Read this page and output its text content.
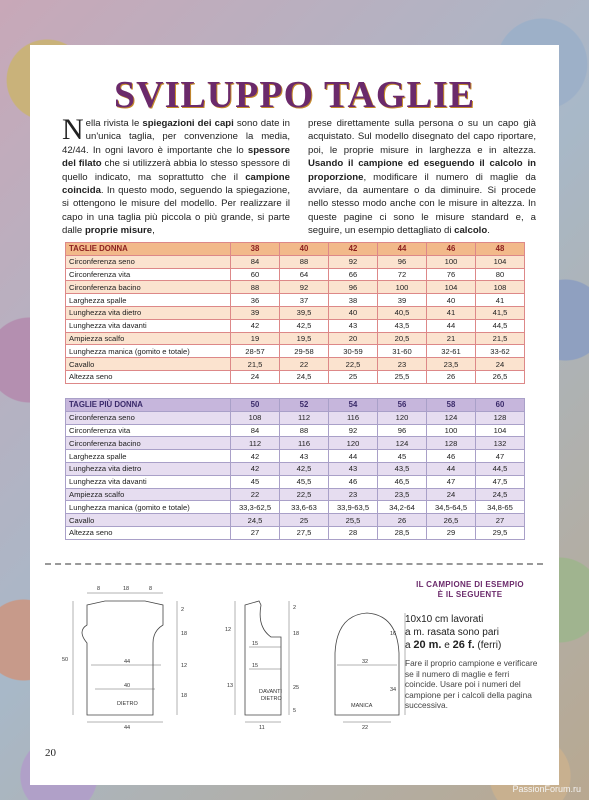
SVILUPPO TAGLIE

Nella rivista le spiegazioni dei capi sono date in un'unica taglia, per convenzione la media, 42/44. In ogni lavoro è importante che lo spessore del filato che si utilizzerà abbia lo stesso spessore di quello indicato, ma soprattutto che il campione coincida. In questo modo, seguendo la spiegazione, si ottengono le misure del modello. Per realizzare il capo in una taglia più piccola o più grande, si parte dalle proprie misure,

prese direttamente sulla persona o su un capo già acquistato. Sul modello disegnato del capo riportare, poi, le proprie misure in larghezza e in altezza. Usando il campione ed eseguendo il calcolo in proporzione, modificare il numero di maglie da avviare, da aumentare o da diminuire. Si procede nello stesso modo anche con le misure in altezza. In queste pagine ci sono le misure standard e, a seguire, un esempio dettagliato di calcolo.

TAGLIE DONNA	38	40	42	44	46	48
Circonferenza seno	84	88	92	96	100	104
Circonferenza vita	60	64	66	72	76	80
Circonferenza bacino	88	92	96	100	104	108
Larghezza spalle	36	37	38	39	40	41
Lunghezza vita dietro	39	39,5	40	40,5	41	41,5
Lunghezza vita davanti	42	42,5	43	43,5	44	44,5
Ampiezza scalfo	19	19,5	20	20,5	21	21,5
Lunghezza manica (gomito e totale)	28-57	29-58	30-59	31-60	32-61	33-62
Cavallo	21,5	22	22,5	23	23,5	24
Altezza seno	24	24,5	25	25,5	26	26,5
TAGLIE PIÙ DONNA	50	52	54	56	58	60
Circonferenza seno	108	112	116	120	124	128
Circonferenza vita	84	88	92	96	100	104
Circonferenza bacino	112	116	120	124	128	132
Larghezza spalle	42	43	44	45	46	47
Lunghezza vita dietro	42	42,5	43	43,5	44	44,5
Lunghezza vita davanti	45	45,5	46	46,5	47	47,5
Ampiezza scalfo	22	22,5	23	23,5	24	24,5
Lunghezza manica (gomito e totale)	33,3-62,5	33,6-63	33,9-63,5	34,2-64	34,5-64,5	34,8-65
Cavallo	24,5	25	25,5	26	26,5	27
Altezza seno	27	27,5	28	28,5	29	29,5
8	18	8
44
40
44
50
2
18
12
18
DIETRO
2
18
15
25
13
5
11
15
12
DAVANTI
DIETRO
32
22
16
34
MANICA
IL CAMPIONE DI ESEMPIO
È IL SEGUENTE
10x10 cm lavorati
a m. rasata sono pari
a 20 m. e 26 f. (ferri)
Fare il proprio campione e verificare se il numero di maglie e ferri coincide. Usare poi i numeri del campione per i calcoli della pagina successiva.
20
PassionForum.ru
